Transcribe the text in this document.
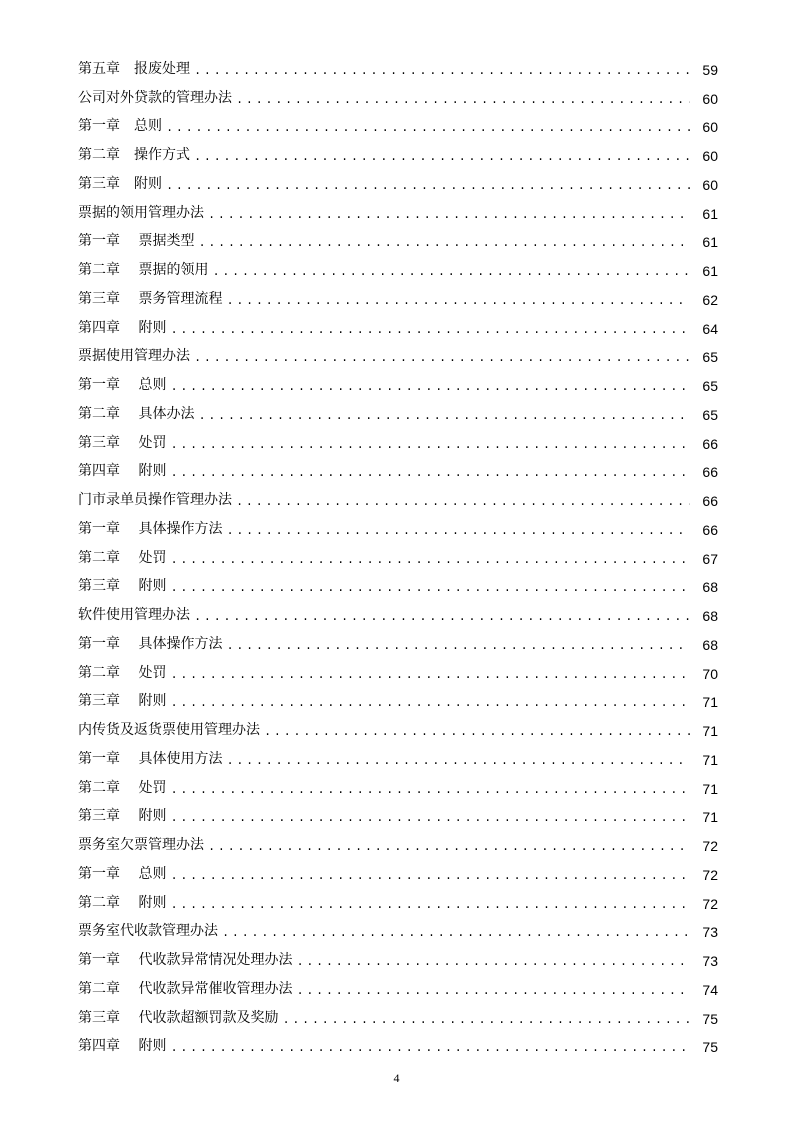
第五章　报废处理 .....	59
公司对外贷款的管理办法 .....	60
第一章　总则 .....	60
第二章　操作方式 .....	60
第三章　附则 .....	60
票据的领用管理办法 .....	61
第一章　 票据类型 .....	61
第二章　 票据的领用 .....	61
第三章　 票务管理流程 .....	62
第四章　 附则 .....	64
票据使用管理办法 .....	65
第一章　 总则 .....	65
第二章　 具体办法 .....	65
第三章　 处罚 .....	66
第四章　 附则 .....	66
门市录单员操作管理办法 .....	66
第一章　 具体操作方法 .....	66
第二章　 处罚 .....	67
第三章　 附则 .....	68
软件使用管理办法 .....	68
第一章　 具体操作方法 .....	68
第二章　 处罚 .....	70
第三章　 附则 .....	71
内传货及返货票使用管理办法 .....	71
第一章　 具体使用方法 .....	71
第二章　 处罚 .....	71
第三章　 附则 .....	71
票务室欠票管理办法 .....	72
第一章　 总则 .....	72
第二章　 附则 .....	72
票务室代收款管理办法 .....	73
第一章　 代收款异常情况处理办法 .....	73
第二章　 代收款异常催收管理办法 .....	74
第三章　 代收款超额罚款及奖励 .....	75
第四章　 附则 .....	75
4
